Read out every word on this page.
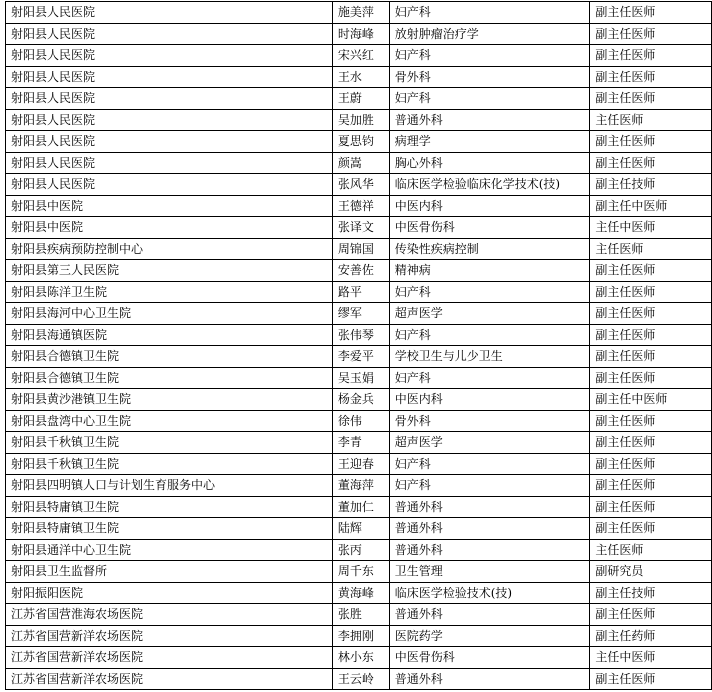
射阳县人民医院	施美萍	妇产科	副主任医师
射阳县人民医院	时海峰	放射肿瘤治疗学	副主任医师
射阳县人民医院	宋兴红	妇产科	副主任医师
射阳县人民医院	王水	骨外科	副主任医师
射阳县人民医院	王蔚	妇产科	副主任医师
射阳县人民医院	吴加胜	普通外科	主任医师
射阳县人民医院	夏思钧	病理学	副主任医师
射阳县人民医院	颜嵩	胸心外科	副主任医师
射阳县人民医院	张风华	临床医学检验临床化学技术(技)	副主任技师
射阳县中医院	王德祥	中医内科	副主任中医师
射阳县中医院	张译文	中医骨伤科	主任中医师
射阳县疾病预防控制中心	周锦国	传染性疾病控制	主任医师
射阳县第三人民医院	安善佐	精神病	副主任医师
射阳县陈洋卫生院	路平	妇产科	副主任医师
射阳县海河中心卫生院	缪军	超声医学	副主任医师
射阳县海通镇医院	张伟琴	妇产科	副主任医师
射阳县合德镇卫生院	李爱平	学校卫生与儿少卫生	副主任医师
射阳县合德镇卫生院	吴玉娟	妇产科	副主任医师
射阳县黄沙港镇卫生院	杨金兵	中医内科	副主任中医师
射阳县盘湾中心卫生院	徐伟	骨外科	副主任医师
射阳县千秋镇卫生院	李青	超声医学	副主任医师
射阳县千秋镇卫生院	王迎春	妇产科	副主任医师
射阳县四明镇人口与计划生育服务中心	董海萍	妇产科	副主任医师
射阳县特庸镇卫生院	董加仁	普通外科	副主任医师
射阳县特庸镇卫生院	陆辉	普通外科	副主任医师
射阳县通洋中心卫生院	张丙	普通外科	主任医师
射阳县卫生监督所	周千东	卫生管理	副研究员
射阳振阳医院	黄海峰	临床医学检验技术(技)	副主任技师
江苏省国营淮海农场医院	张胜	普通外科	副主任医师
江苏省国营新洋农场医院	李拥刚	医院药学	副主任药师
江苏省国营新洋农场医院	林小东	中医骨伤科	主任中医师
江苏省国营新洋农场医院	王云岭	普通外科	副主任医师
